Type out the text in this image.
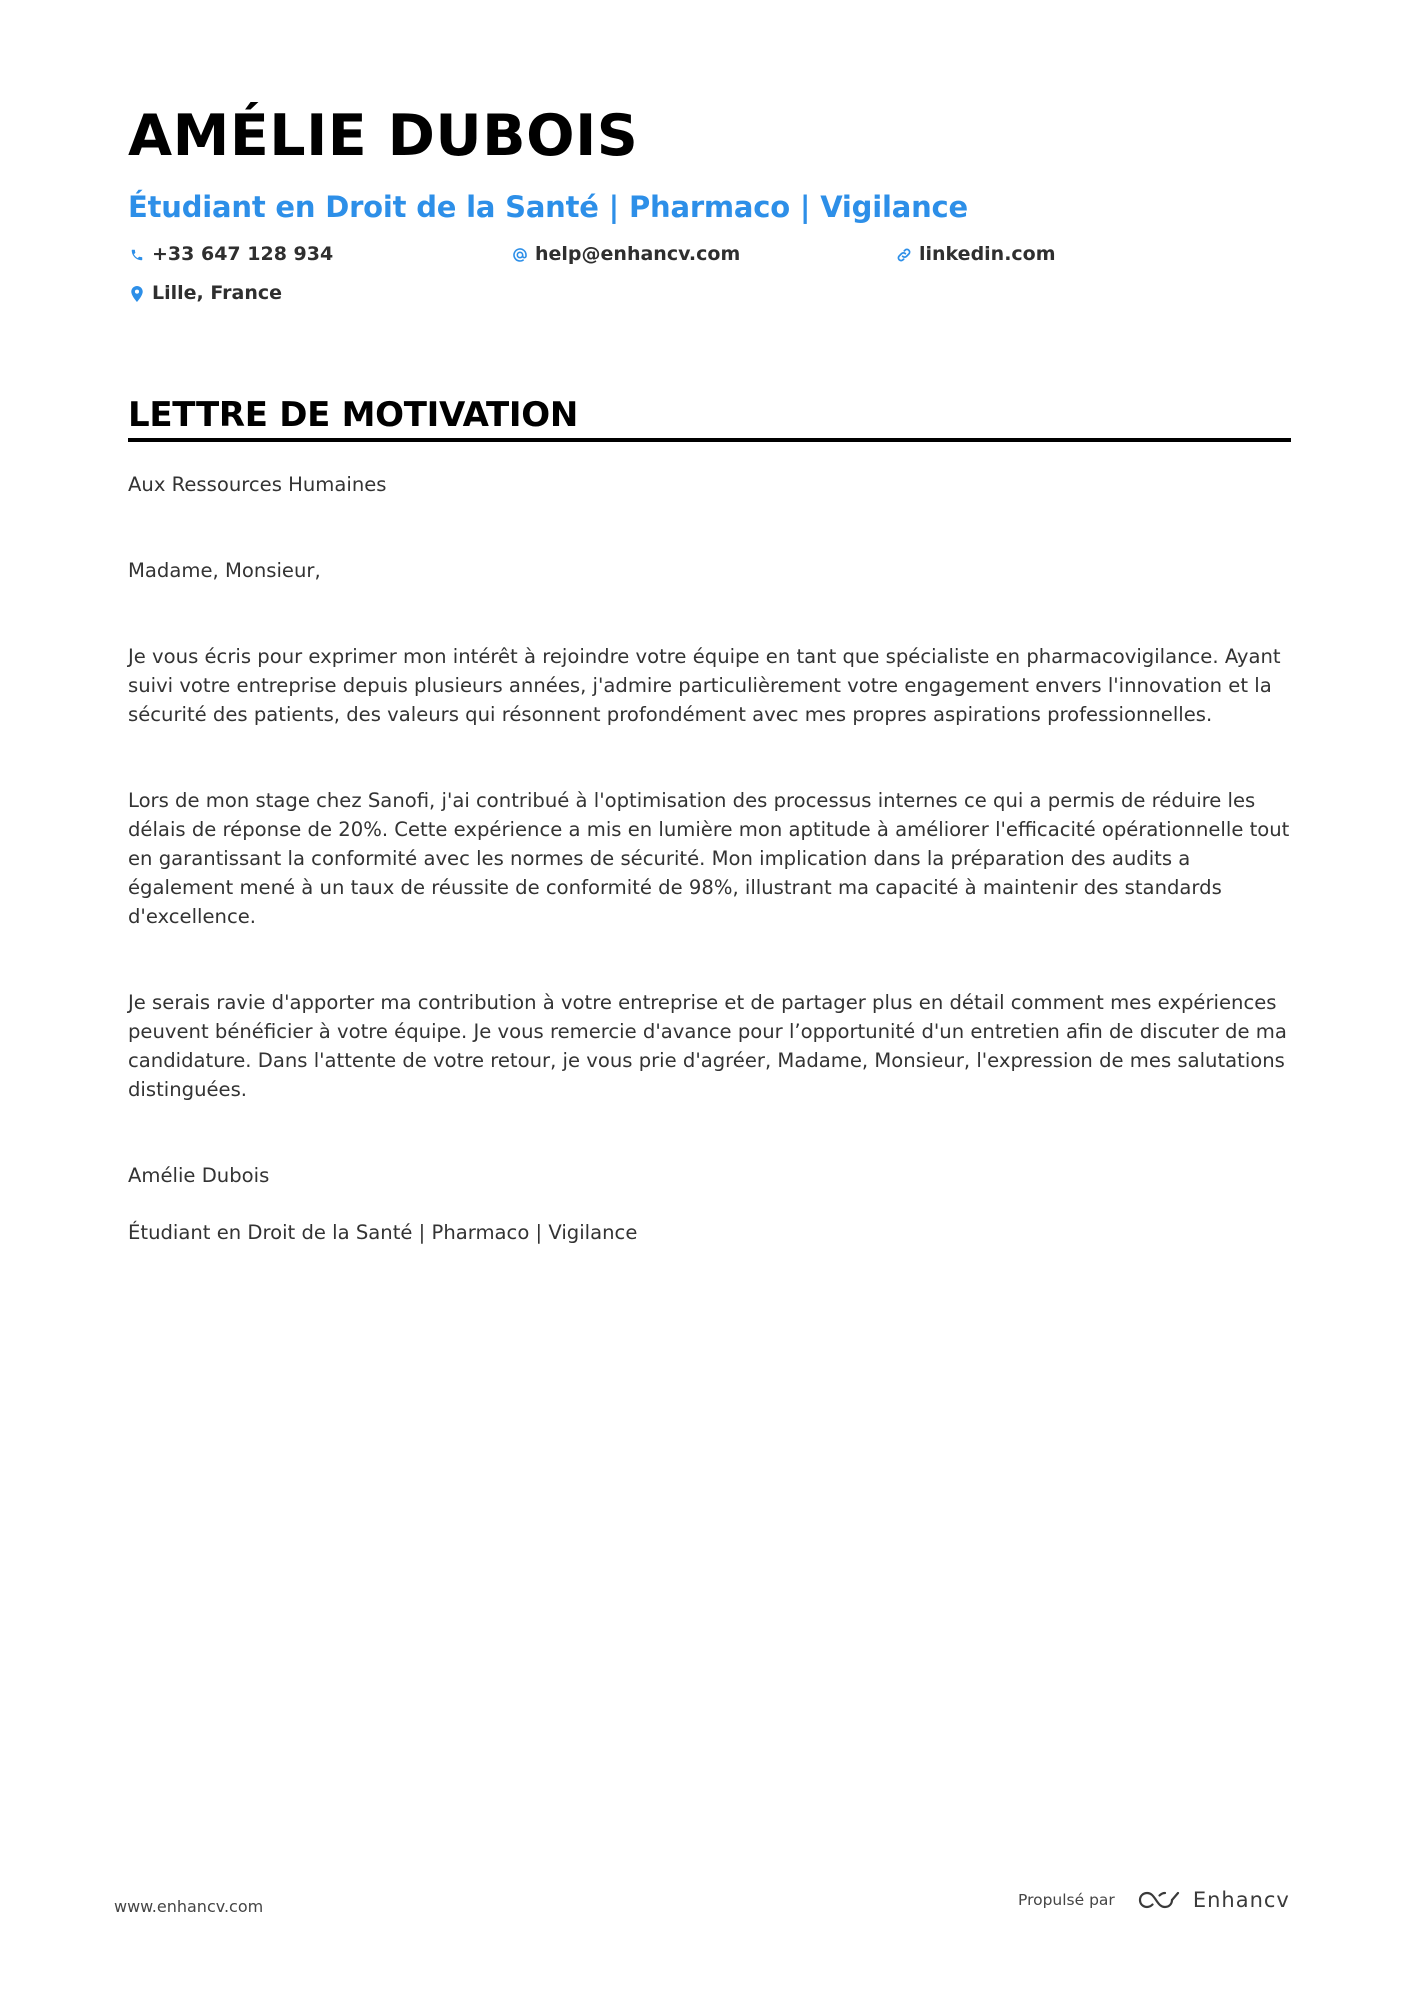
AMÉLIE DUBOIS
Étudiant en Droit de la Santé | Pharmaco | Vigilance
+33 647 128 934	help@enhancv.com	linkedin.com
Lille, France
LETTRE DE MOTIVATION

Aux Ressources Humaines

Madame, Monsieur,

Je vous écris pour exprimer mon intérêt à rejoindre votre équipe en tant que spécialiste en pharmacovigilance. Ayant suivi votre entreprise depuis plusieurs années, j'admire particulièrement votre engagement envers l'innovation et la sécurité des patients, des valeurs qui résonnent profondément avec mes propres aspirations professionnelles.

Lors de mon stage chez Sanofi, j'ai contribué à l'optimisation des processus internes ce qui a permis de réduire les délais de réponse de 20%. Cette expérience a mis en lumière mon aptitude à améliorer l'efficacité opérationnelle tout en garantissant la conformité avec les normes de sécurité. Mon implication dans la préparation des audits a également mené à un taux de réussite de conformité de 98%, illustrant ma capacité à maintenir des standards d'excellence.

Je serais ravie d'apporter ma contribution à votre entreprise et de partager plus en détail comment mes expériences peuvent bénéficier à votre équipe. Je vous remercie d'avance pour l’opportunité d'un entretien afin de discuter de ma candidature. Dans l'attente de votre retour, je vous prie d'agréer, Madame, Monsieur, l'expression de mes salutations distinguées.

Amélie Dubois

Étudiant en Droit de la Santé | Pharmaco | Vigilance

www.enhancv.com	Propulsé par	Enhancv
